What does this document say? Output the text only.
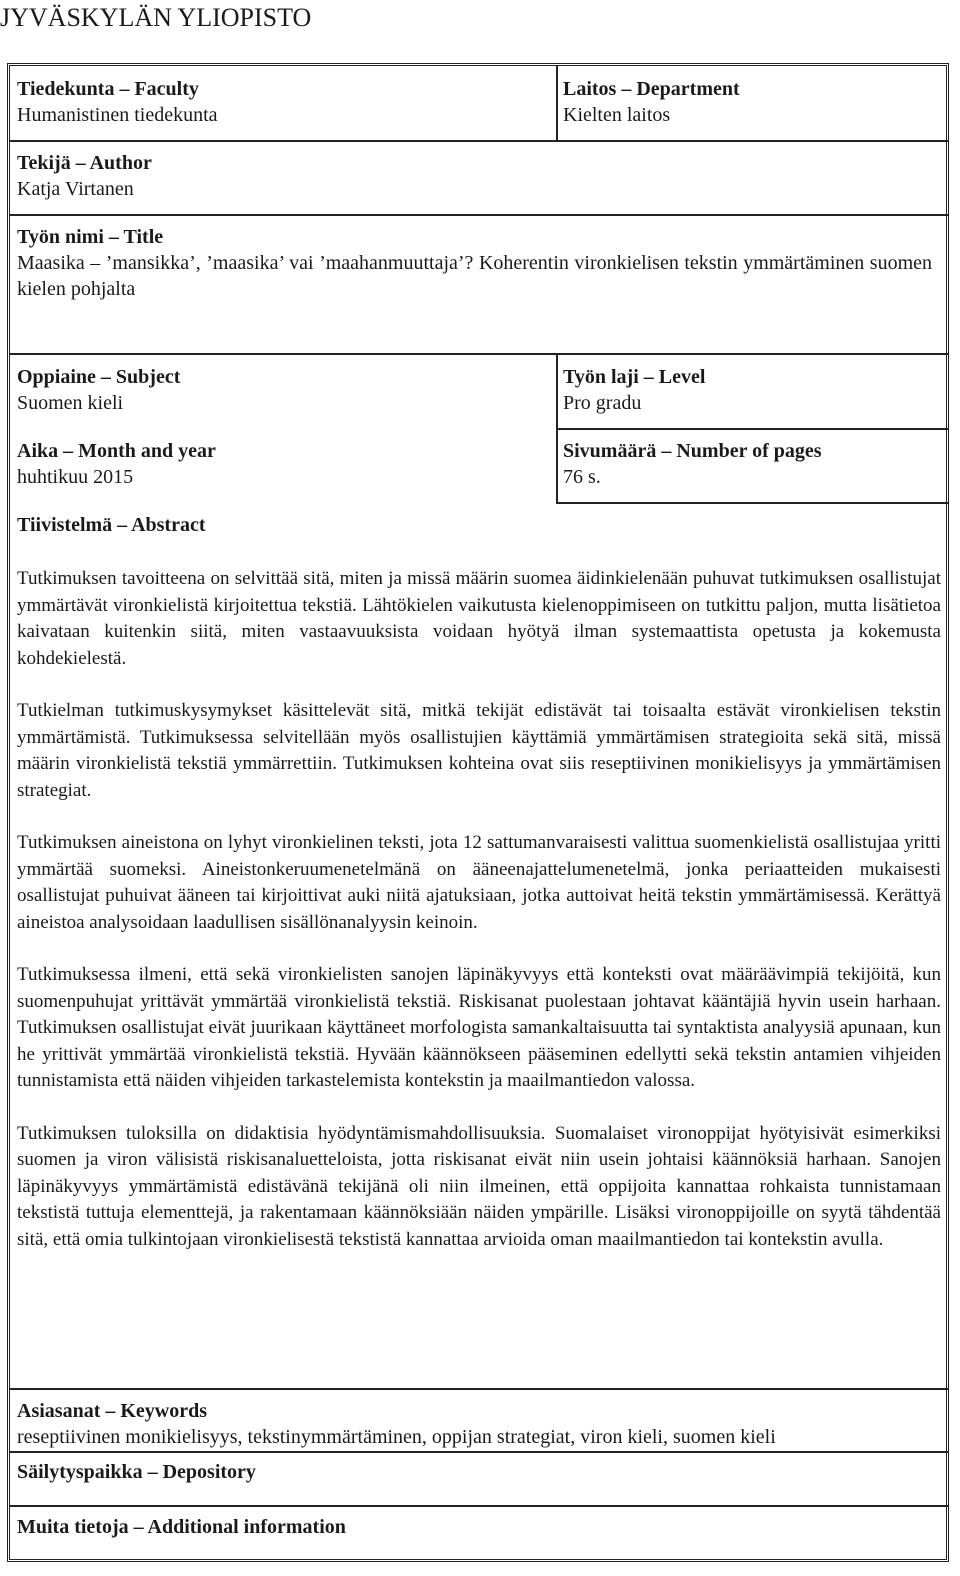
JYVÄSKYLÄN YLIOPISTO
Tiedekunta – Faculty
Humanistinen tiedekunta
Laitos – Department
Kielten laitos
Tekijä – Author
Katja Virtanen
Työn nimi – Title
Maasika – ’mansikka’, ’maasika’ vai ’maahanmuuttaja’? Koherentin vironkielisen tekstin ymmärtäminen suomen kielen pohjalta
Oppiaine – Subject
Suomen kieli
Työn laji – Level
Pro gradu
Aika – Month and year
huhtikuu 2015
Sivumäärä – Number of pages
76 s.
Tiivistelmä – Abstract

Tutkimuksen tavoitteena on selvittää sitä, miten ja missä määrin suomea äidinkielenään puhuvat tutkimuksen osallistujat ymmärtävät vironkielistä kirjoitettua tekstiä. Lähtökielen vaikutusta kielenoppimiseen on tutkittu paljon, mutta lisätietoa kaivataan kuitenkin siitä, miten vastaavuuksista voidaan hyötyä ilman systemaattista opetusta ja kokemusta kohdekielestä.

Tutkielman tutkimuskysymykset käsittelevät sitä, mitkä tekijät edistävät tai toisaalta estävät vironkielisen tekstin ymmärtämistä. Tutkimuksessa selvitellään myös osallistujien käyttämiä ymmärtämisen strategioita sekä sitä, missä määrin vironkielistä tekstiä ymmärrettiin. Tutkimuksen kohteina ovat siis reseptiivinen monikielisyys ja ymmärtämisen strategiat.

Tutkimuksen aineistona on lyhyt vironkielinen teksti, jota 12 sattumanvaraisesti valittua suomenkielistä osallistujaa yritti ymmärtää suomeksi. Aineistonkeruumenetelmänä on ääneenajattelumenetelmä, jonka periaatteiden mukaisesti osallistujat puhuivat ääneen tai kirjoittivat auki niitä ajatuksiaan, jotka auttoivat heitä tekstin ymmärtämisessä. Kerättyä aineistoa analysoidaan laadullisen sisällönanalyysin keinoin.

Tutkimuksessa ilmeni, että sekä vironkielisten sanojen läpinäkyvyys että konteksti ovat määräävimpiä tekijöitä, kun suomenpuhujat yrittävät ymmärtää vironkielistä tekstiä. Riskisanat puolestaan johtavat kääntäjiä hyvin usein harhaan. Tutkimuksen osallistujat eivät juurikaan käyttäneet morfologista samankaltaisuutta tai syntaktista analyysiä apunaan, kun he yrittivät ymmärtää vironkielistä tekstiä. Hyvään käännökseen pääseminen edellytti sekä tekstin antamien vihjeiden tunnistamista että näiden vihjeiden tarkastelemista kontekstin ja maailmantiedon valossa.

Tutkimuksen tuloksilla on didaktisia hyödyntämismahdollisuuksia. Suomalaiset vironoppijat hyötyisivät esimerkiksi suomen ja viron välisistä riskisanaluetteloista, jotta riskisanat eivät niin usein johtaisi käännöksiä harhaan. Sanojen läpinäkyvyys ymmärtämistä edistävänä tekijänä oli niin ilmeinen, että oppijoita kannattaa rohkaista tunnistamaan tekstistä tuttuja elementtejä, ja rakentamaan käännöksiään näiden ympärille. Lisäksi vironoppijoille on syytä tähdentää sitä, että omia tulkintojaan vironkielisestä tekstistä kannattaa arvioida oman maailmantiedon tai kontekstin avulla.

Asiasanat – Keywords
reseptiivinen monikielisyys, tekstinymmärtäminen, oppijan strategiat, viron kieli, suomen kieli
Säilytyspaikka – Depository
Muita tietoja – Additional information
